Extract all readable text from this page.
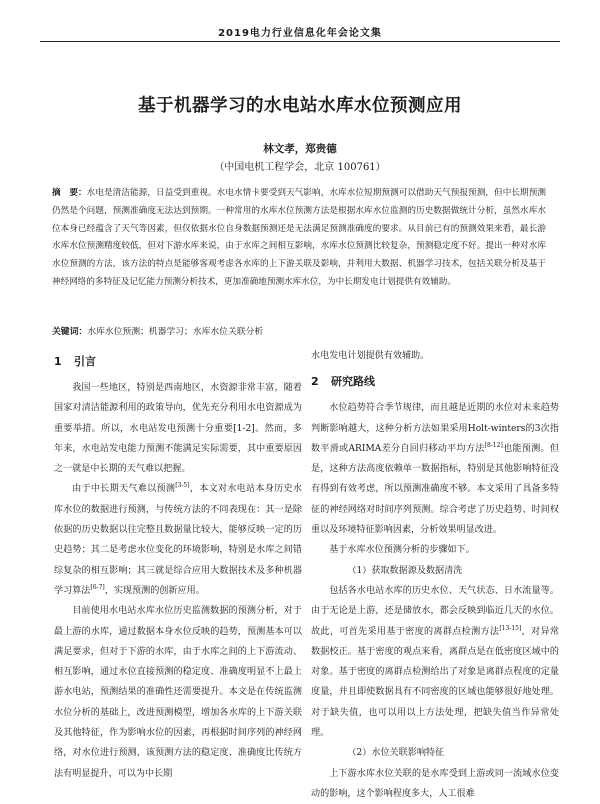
2019电力行业信息化年会论文集
基于机器学习的水电站水库水位预测应用
林文孝，郑贵德
（中国电机工程学会，北京 100761）
摘　要：水电是清洁能源，日益受到重视。水电水情卡要受到天气影响，水库水位短期预测可以借助天气预报预测，但中长期预测仍然是个问题，预测准确度无法达到预期。一种常用的水库水位预测方法是根据水库水位监测的历史数据做统计分析，虽然水库水位本身已经蕴含了天气等因素，但仅依据水位自身数据预测还是无法满足预测准确度的要求。从目前已有的预测效果来看，最长游水库水位预测精度较低，但对下游水库来说，由于水库之间相互影响，水库水位预测比较复杂，预测稳定度不好。提出一种对水库水位预测的方法，该方法的特点是能够客观考虑各水库的上下游关联及影响，并利用大数据、机器学习技术，包括关联分析及基于神经网络的多特征及记忆能力预测分析技术，更加准确地预测水库水位，为中长期发电计划提供有效辅助。
关键词：水库水位预测；机器学习；水库水位关联分析
1 引言

我国一些地区，特别是西南地区，水资源非常丰富，随着国家对清洁能源利用的政策导向，优先充分利用水电资源成为重要举措。所以，水电站发电预测十分重要[1-2]。然而，多年来，水电站发电能力预测不能满足实际需要，其中重要原因之一就是中长期的天气难以把握。

由于中长期天气难以预测[3-5]，本文对水电站本身历史水库水位的数据进行预测，与传统方法的不同表现在：其一是除依据的历史数据以往完整且数据量比较大，能够反映一定的历史趋势；其二是考虑水位变化的环境影响，特别是水库之间错综复杂的相互影响；其三就是综合应用大数据技术及多种机器学习算法[6-7]，实现预测的创新应用。

目前使用水电站水库水位历史监测数据的预测分析，对于最上游的水库，通过数据本身水位反映的趋势，预测基本可以满足要求，但对于下游的水库，由于水库之间的上下游流动、相互影响，通过水位直接预测的稳定度、准确度明显不上最上游水电站，预测结果的准确性还需要提升。本文是在传统监测水位分析的基础上，改进预测模型，增加各水库的上下游关联及其他特征，作为影响水位的因素，再根据时间序列的神经网络，对水位进行预测，该预测方法的稳定度、准确度比传统方法有明显提升，可以为中长期

水电发电计划提供有效辅助。

2 研究路线

水位趋势符合季节规律，而且越是近期的水位对未来趋势判断影响越大，这种分析方法如果采用Holt-winters的3次指数平滑或ARIMA差分自回归移动平均方法[8-12]也能预测。但是，这种方法高度依赖单一数据指标，特别是其他影响特征没有得到有效考虑，所以预测准确度不够。本文采用了具备多特征的神经网络对时间序列预测。综合考虑了历史趋势、时间权重以及环境特征影响因素，分析效果明显改进。

基于水库水位预测分析的步骤如下。

（1）获取数据源及数据清洗

包括各水电站水库的历史水位、天气状态、日水流量等。由于无论是上游，还是储放水，都会反映到临近几天的水位。故此，可首先采用基于密度的离群点检测方法[13-15]，对异常数据校正。基于密度的观点来看，离群点是在低密度区域中的对象。基于密度的离群点检测给出了对象是离群点程度的定量度量，并且即使数据具有不同密度的区域也能够很好地处理。对于缺失值，也可以用以上方法处理，把缺失值当作异常处理。

（2）水位关联影响特征

上下游水库水位关联的是水库受到上游或同一流域水位变动的影响，这个影响程度多大，人工很难
